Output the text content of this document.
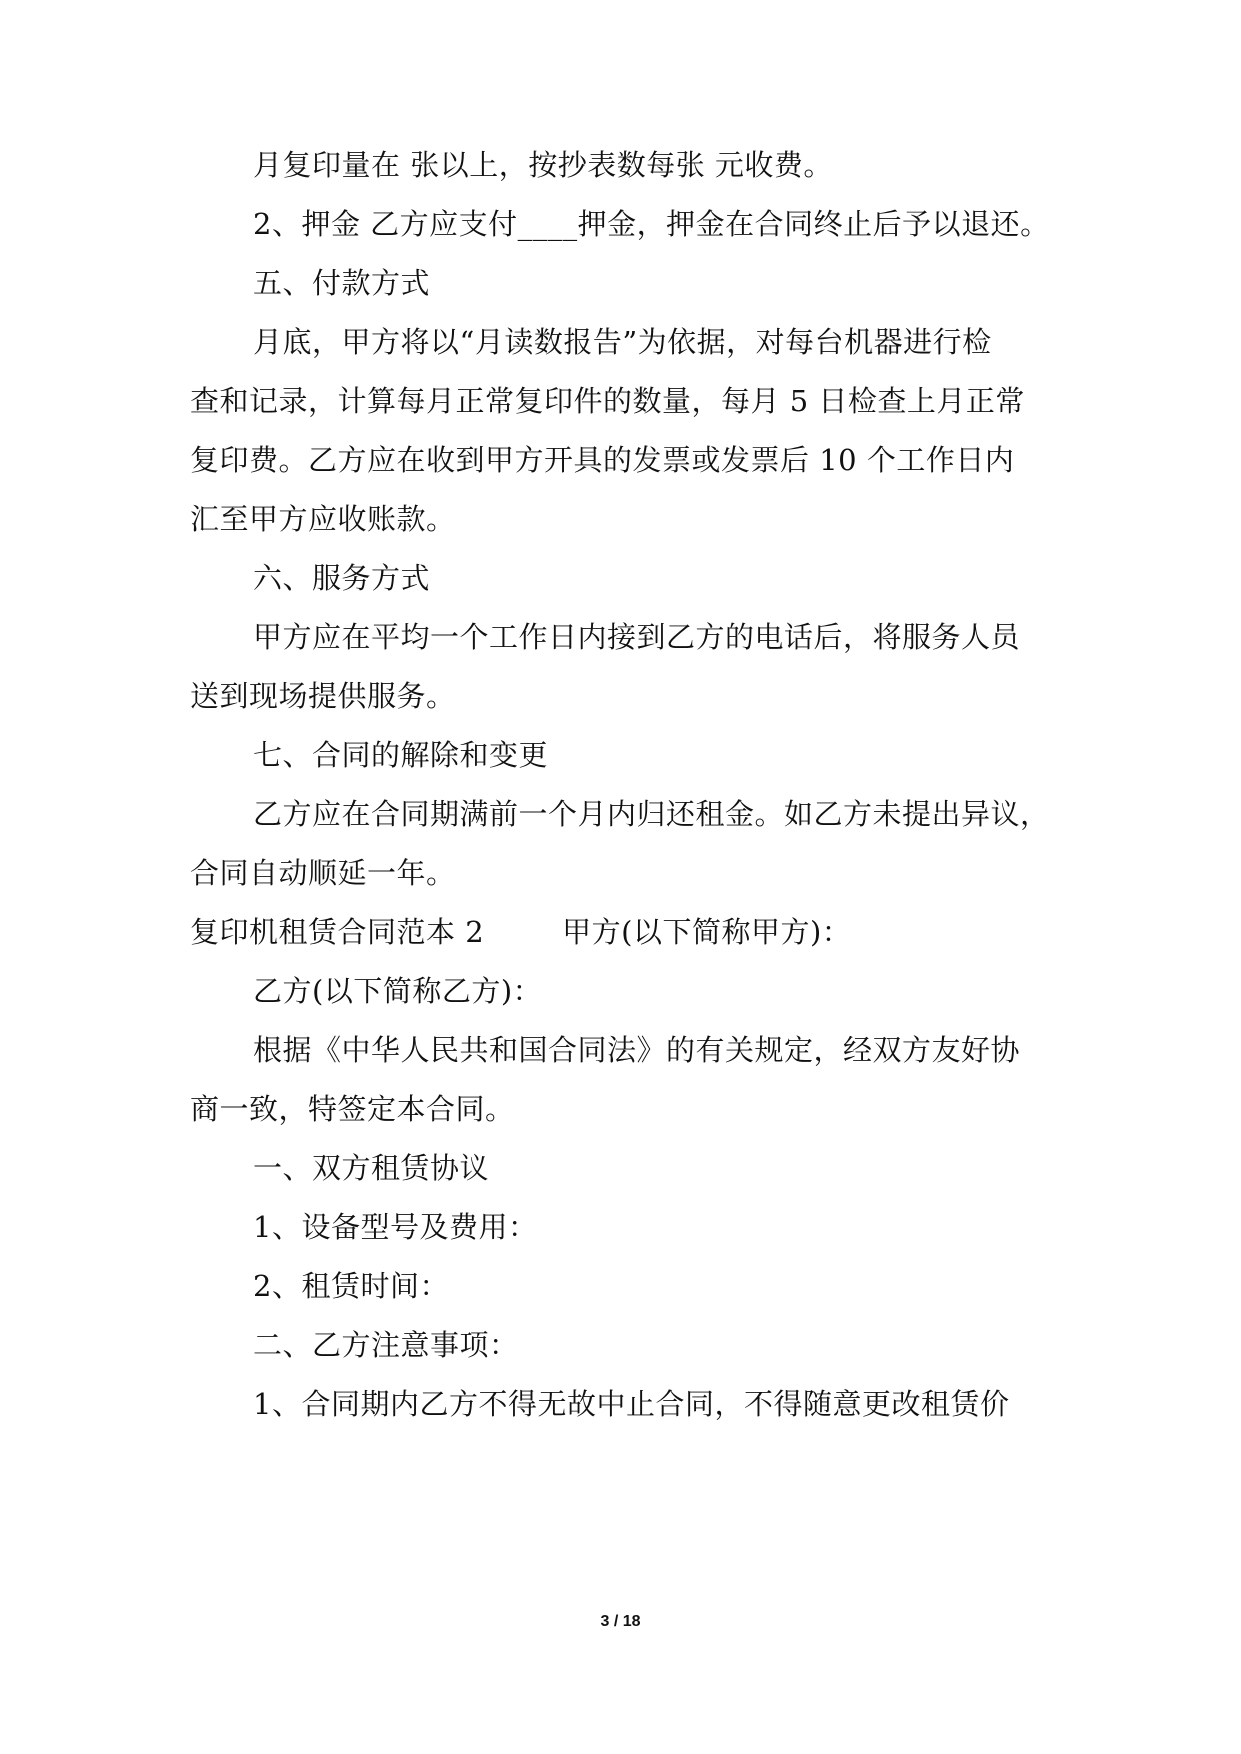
月复印量在 张以上，按抄表数每张 元收费。
2、押金 乙方应支付____押金，押金在合同终止后予以退还。
五、付款方式
月底，甲方将以“月读数报告”为依据，对每台机器进行检
查和记录，计算每月正常复印件的数量，每月 5 日检查上月正常
复印费。乙方应在收到甲方开具的发票或发票后 10 个工作日内
汇至甲方应收账款。
六、服务方式
甲方应在平均一个工作日内接到乙方的电话后，将服务人员
送到现场提供服务。
七、合同的解除和变更
乙方应在合同期满前一个月内归还租金。如乙方未提出异议，
合同自动顺延一年。
复印机租赁合同范本 2	甲方(以下简称甲方)：
乙方(以下简称乙方)：
根据《中华人民共和国合同法》的有关规定，经双方友好协
商一致，特签定本合同。
一、双方租赁协议
1、设备型号及费用：
2、租赁时间：
二、乙方注意事项：
1、合同期内乙方不得无故中止合同，不得随意更改租赁价
3 / 18
